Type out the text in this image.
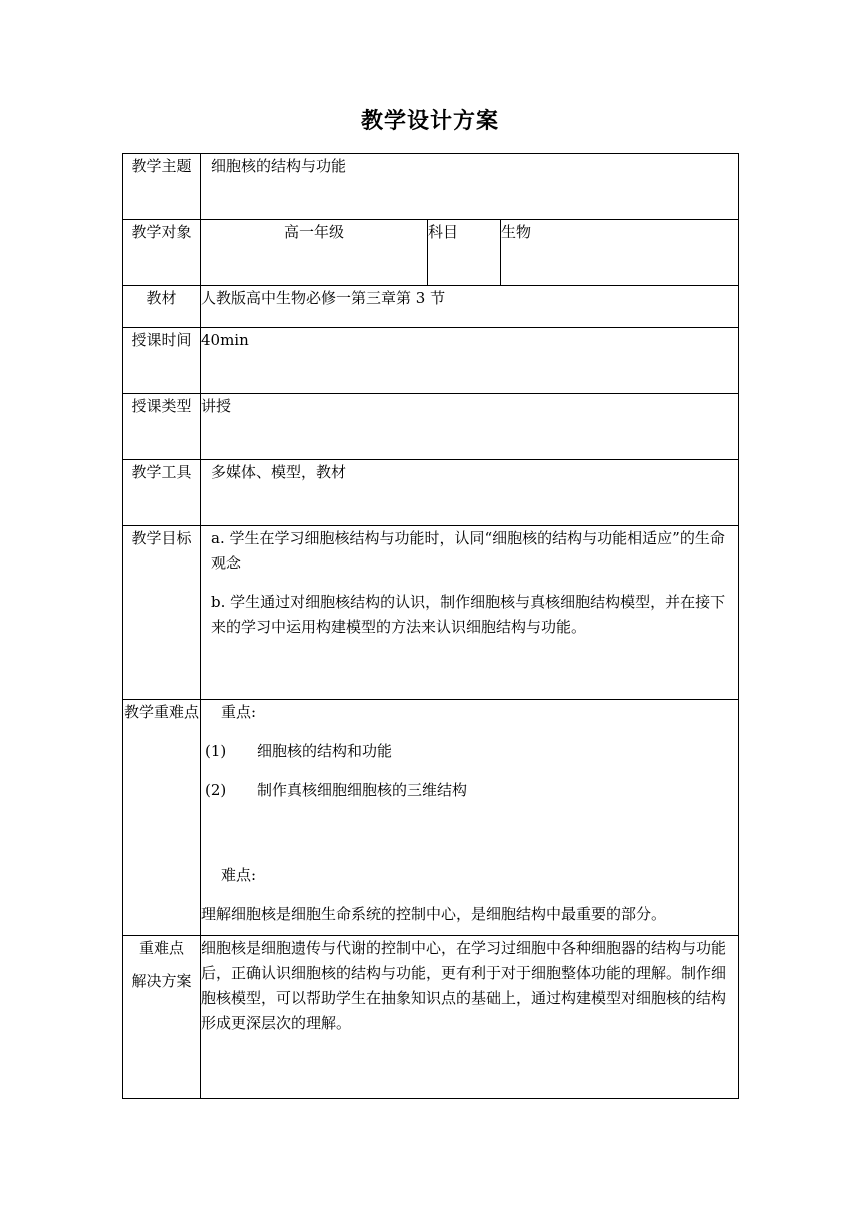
教学设计方案
教学主题	细胞核的结构与功能		
教学对象	高一年级	科目	生物
教材	人教版高中生物必修一第三章第 3 节		
授课时间	40min		
授课类型	讲授		
教学工具	多媒体、模型，教材		
教学目标	a. 学生在学习细胞核结构与功能时，认同“细胞核的结构与功能相适应”的生命观念

b. 学生通过对细胞核结构的认识，制作细胞核与真核细胞结构模型，并在接下来的学习中运用构建模型的方法来认识细胞结构与功能。		

教学重难点	重点:

(1) 细胞核的结构和功能

(2) 制作真核细胞细胞核的三维结构

难点:

理解细胞核是细胞生命系统的控制中心，是细胞结构中最重要的部分。		

重难点
解决方案	细胞核是细胞遗传与代谢的控制中心，在学习过细胞中各种细胞器的结构与功能后，正确认识细胞核的结构与功能，更有利于对于细胞整体功能的理解。制作细胞核模型，可以帮助学生在抽象知识点的基础上，通过构建模型对细胞核的结构形成更深层次的理解。		
